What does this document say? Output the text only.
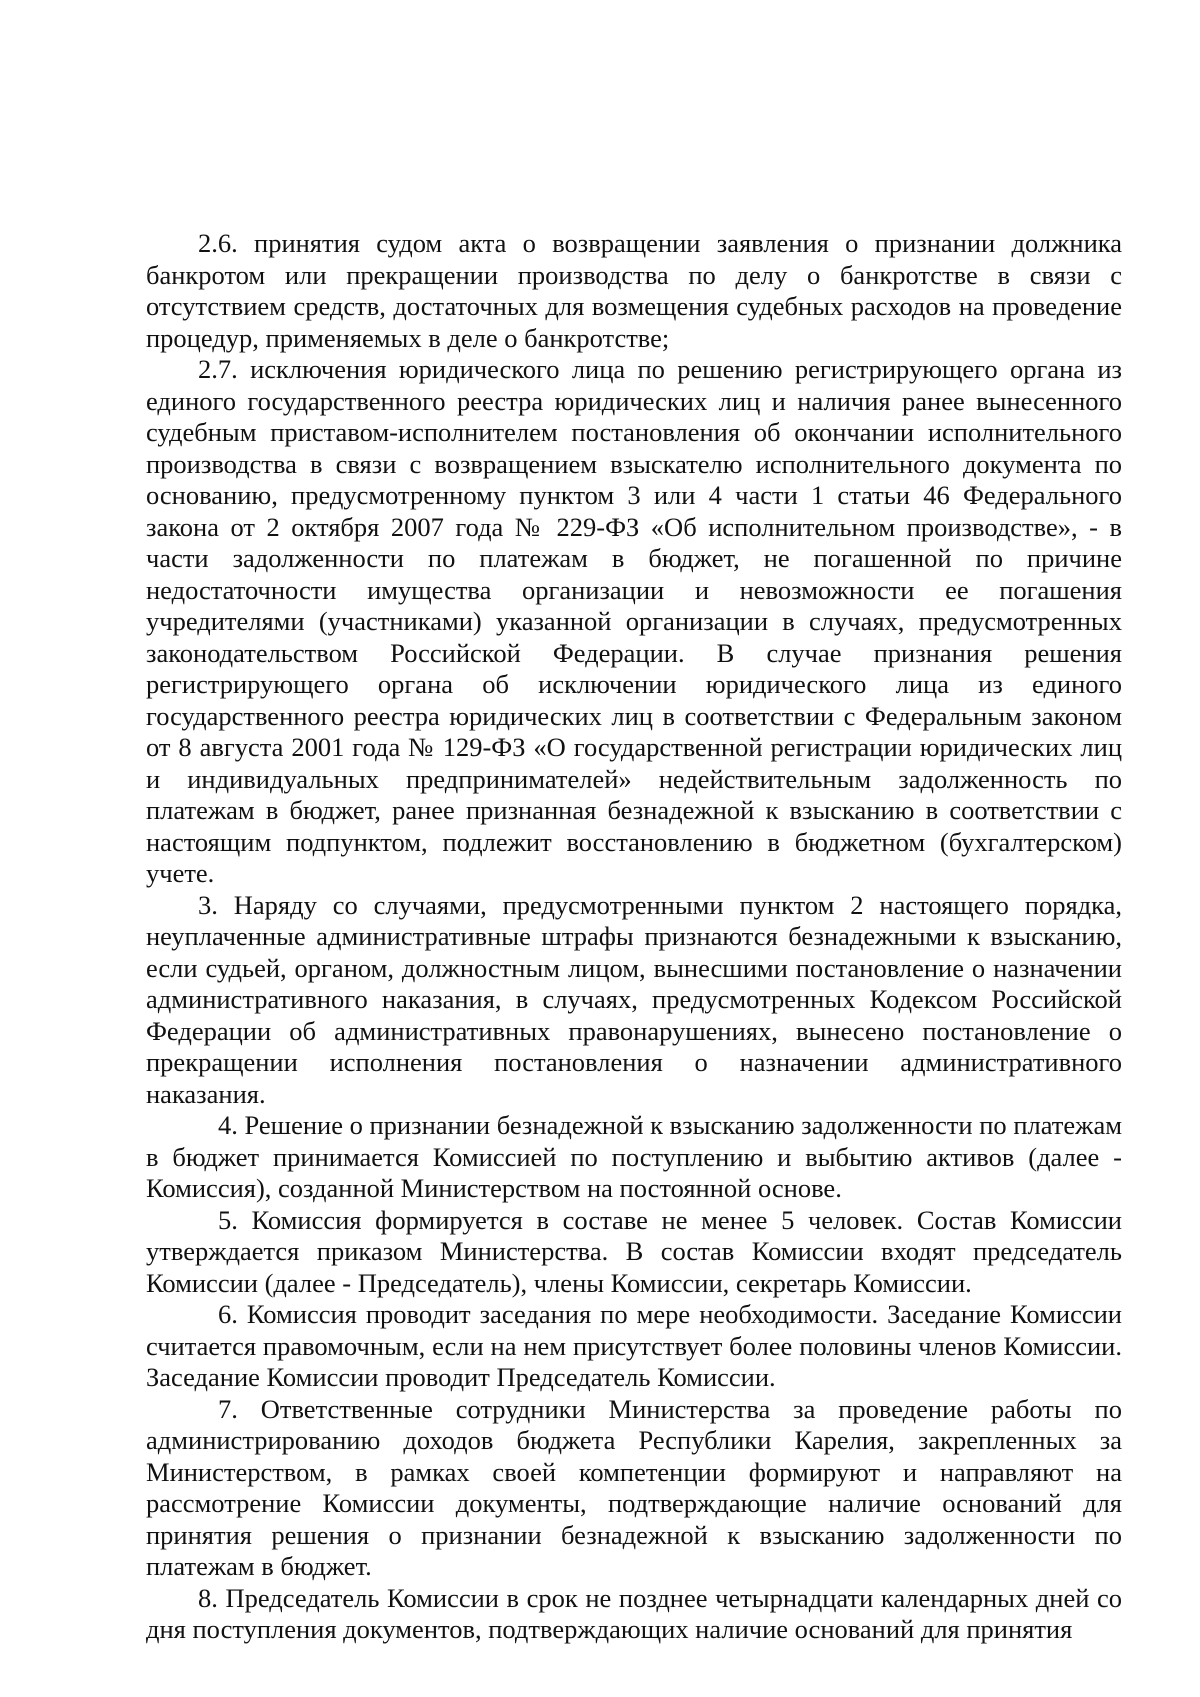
2.6. принятия судом акта о возвращении заявления о признании должника банкротом или прекращении производства по делу о банкротстве в связи с отсутствием средств, достаточных для возмещения судебных расходов на проведение процедур, применяемых в деле о банкротстве;

2.7. исключения юридического лица по решению регистрирующего органа из единого государственного реестра юридических лиц и наличия ранее вынесенного судебным приставом-исполнителем постановления об окончании исполнительного производства в связи с возвращением взыскателю исполнительного документа по основанию, предусмотренному пунктом 3 или 4 части 1 статьи 46 Федерального закона от 2 октября 2007 года № 229-ФЗ «Об исполнительном производстве», - в части задолженности по платежам в бюджет, не погашенной по причине недостаточности имущества организации и невозможности ее погашения учредителями (участниками) указанной организации в случаях, предусмотренных законодательством Российской Федерации. В случае признания решения регистрирующего органа об исключении юридического лица из единого государственного реестра юридических лиц в соответствии с Федеральным законом от 8 августа 2001 года № 129-ФЗ «О государственной регистрации юридических лиц и индивидуальных предпринимателей» недействительным задолженность по платежам в бюджет, ранее признанная безнадежной к взысканию в соответствии с настоящим подпунктом, подлежит восстановлению в бюджетном (бухгалтерском) учете.

3. Наряду со случаями, предусмотренными пунктом 2 настоящего порядка, неуплаченные административные штрафы признаются безнадежными к взысканию, если судьей, органом, должностным лицом, вынесшими постановление о назначении административного наказания, в случаях, предусмотренных Кодексом Российской Федерации об административных правонарушениях, вынесено постановление о прекращении исполнения постановления о назначении административного наказания.

4. Решение о признании безнадежной к взысканию задолженности по платежам в бюджет принимается Комиссией по поступлению и выбытию активов (далее - Комиссия), созданной Министерством на постоянной основе.

5. Комиссия формируется в составе не менее 5 человек. Состав Комиссии утверждается приказом Министерства. В состав Комиссии входят председатель Комиссии (далее - Председатель), члены Комиссии, секретарь Комиссии.

6. Комиссия проводит заседания по мере необходимости. Заседание Комиссии считается правомочным, если на нем присутствует более половины членов Комиссии. Заседание Комиссии проводит Председатель Комиссии.

7. Ответственные сотрудники Министерства за проведение работы по администрированию доходов бюджета Республики Карелия, закрепленных за Министерством, в рамках своей компетенции формируют и направляют на рассмотрение Комиссии документы, подтверждающие наличие оснований для принятия решения о признании безнадежной к взысканию задолженности по платежам в бюджет.

8. Председатель Комиссии в срок не позднее четырнадцати календарных дней со дня поступления документов, подтверждающих наличие оснований для принятия
